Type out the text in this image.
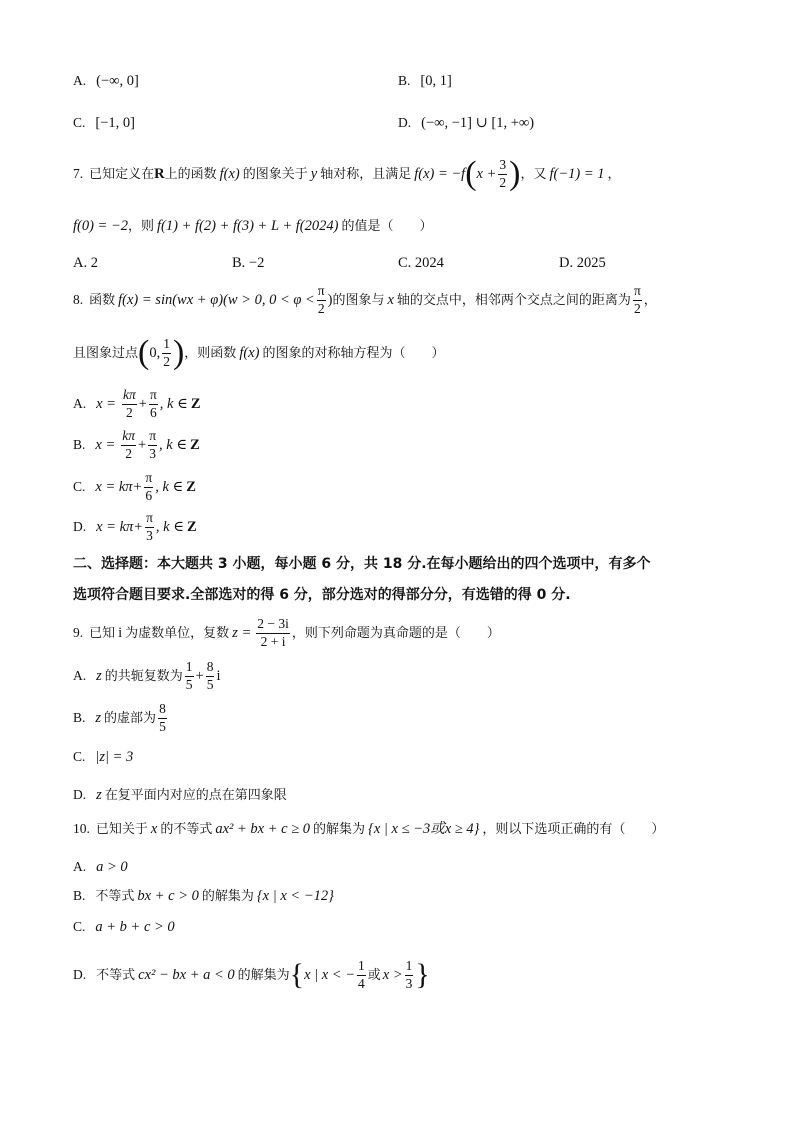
A. (−∞, 0]	B. [0, 1]
C. [−1, 0]	D. (−∞, −1] ∪ [1, +∞)
7. 已知定义在 R 上的函数 f(x) 的图象关于 y 轴对称，且满足 f(x) = −f ( $x + \frac{3}{2}$ ) ，又 f(−1) = 1 ，
f(0) = −2，则 f(1) + f(2) + f(3) + L + f(2024) 的值是（　　）
A. 2	B. −2	C. 2024	D. 2025
8. 函数 f(x) = sin(wx + φ)(w > 0, $0 < \varphi < \frac{\pi}{2}$ ) 的图象与 x 轴的交点中，相邻两个交点之间的距离为 $\frac{\pi}{2}$ ，
且图象过点 ( 0, $\frac{1}{2}$ ) ，则函数 f(x) 的图象的对称轴方程为（　　）
A. $x = \frac{k\pi}{2} + \frac{\pi}{6}$ , k ∈ Z
B. $x = \frac{k\pi}{2} + \frac{\pi}{3}$ , k ∈ Z
C. $x = k\pi+ \frac{\pi}{6}$ , k ∈ Z
D. $x = k\pi+ \frac{\pi}{3}$ , k ∈ Z
二、选择题：本大题共 3 小题，每小题 6 分，共 18 分.在每小题给出的四个选项中，有多个
选项符合题目要求.全部选对的得 6 分，部分选对的得部分分，有选错的得 0 分.
9. 已知 i 为虚数单位，复数 $z = \frac{2 - 3i}{2 + i}$ ，则下列命题为真命题的是（　　）
A. z 的共轭复数为 $\frac{1}{5} + \frac{8}{5}$ i
B. z 的虚部为 $\frac{8}{5}$
C. |z| = 3
D. z 在复平面内对应的点在第四象限
10. 已知关于 x 的不等式 ax² + bx + c ≥ 0 的解集为 {x | x ≤ −3或x ≥ 4} ，则以下选项正确的有（　　）
A. a > 0
B. 不等式 bx + c > 0 的解集为 {x | x < −12}
C. a + b + c > 0
D. 不等式 cx² − bx + a < 0 的解集为 { x | x < − $\frac{1}{4}$ 或 $x > \frac{1}{3}$ }
